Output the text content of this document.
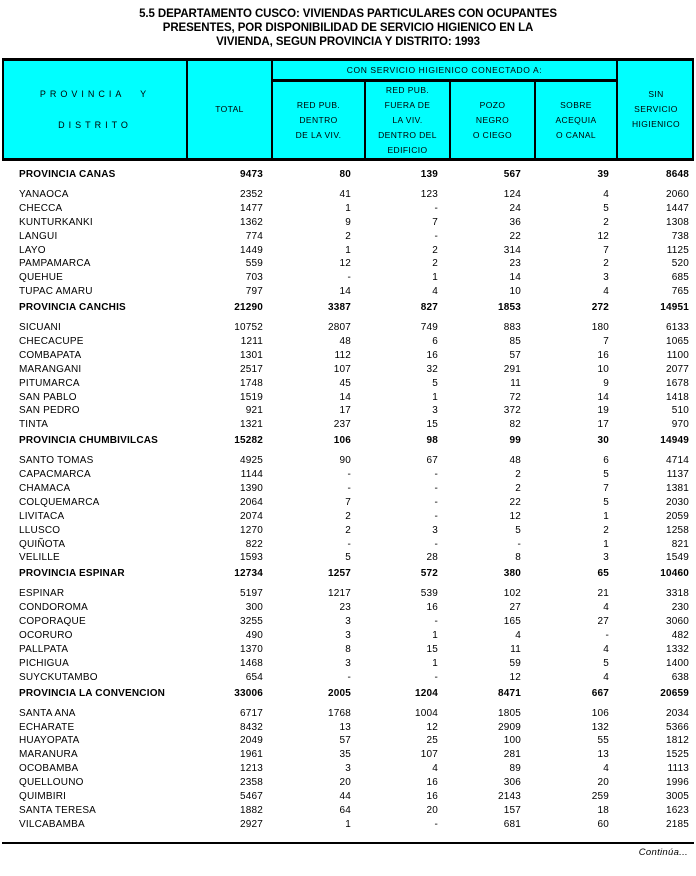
5.5 DEPARTAMENTO CUSCO: VIVIENDAS PARTICULARES CON OCUPANTES
PRESENTES, POR DISPONIBILIDAD DE SERVICIO HIGIENICO EN LA
VIVIENDA, SEGUN PROVINCIA Y DISTRITO: 1993
PROVINCIA Y
DISTRITO
TOTAL	RED PUB.
DENTRO
DE LA VIV.
RED PUB.
FUERA DE
LA VIV.
DENTRO DEL
EDIFICIO
POZO
NEGRO
O CIEGO
SOBRE
ACEQUIA
O CANAL
SIN
SERVICIO
HIGIENICO
CON SERVICIO HIGIENICO CONECTADO A:
PROVINCIA CANAS	9473	80	139	567	39	8648
YANAOCA	2352	41	123	124	4	2060
CHECCA	1477	1	-	24	5	1447
KUNTURKANKI	1362	9	7	36	2	1308
LANGUI	774	2	-	22	12	738
LAYO	1449	1	2	314	7	1125
PAMPAMARCA	559	12	2	23	2	520
QUEHUE	703	-	1	14	3	685
TUPAC AMARU	797	14	4	10	4	765
PROVINCIA CANCHIS	21290	3387	827	1853	272	14951
SICUANI	10752	2807	749	883	180	6133
CHECACUPE	1211	48	6	85	7	1065
COMBAPATA	1301	112	16	57	16	1100
MARANGANI	2517	107	32	291	10	2077
PITUMARCA	1748	45	5	11	9	1678
SAN PABLO	1519	14	1	72	14	1418
SAN PEDRO	921	17	3	372	19	510
TINTA	1321	237	15	82	17	970
PROVINCIA CHUMBIVILCAS	15282	106	98	99	30	14949
SANTO TOMAS	4925	90	67	48	6	4714
CAPACMARCA	1144	-	-	2	5	1137
CHAMACA	1390	-	-	2	7	1381
COLQUEMARCA	2064	7	-	22	5	2030
LIVITACA	2074	2	-	12	1	2059
LLUSCO	1270	2	3	5	2	1258
QUIÑOTA	822	-	-	-	1	821
VELILLE	1593	5	28	8	3	1549
PROVINCIA ESPINAR	12734	1257	572	380	65	10460
ESPINAR	5197	1217	539	102	21	3318
CONDOROMA	300	23	16	27	4	230
COPORAQUE	3255	3	-	165	27	3060
OCORURO	490	3	1	4	-	482
PALLPATA	1370	8	15	11	4	1332
PICHIGUA	1468	3	1	59	5	1400
SUYCKUTAMBO	654	-	-	12	4	638
PROVINCIA LA CONVENCION	33006	2005	1204	8471	667	20659
SANTA ANA	6717	1768	1004	1805	106	2034
ECHARATE	8432	13	12	2909	132	5366
HUAYOPATA	2049	57	25	100	55	1812
MARANURA	1961	35	107	281	13	1525
OCOBAMBA	1213	3	4	89	4	1113
QUELLOUNO	2358	20	16	306	20	1996
QUIMBIRI	5467	44	16	2143	259	3005
SANTA TERESA	1882	64	20	157	18	1623
VILCABAMBA	2927	1	-	681	60	2185
Continúa...
